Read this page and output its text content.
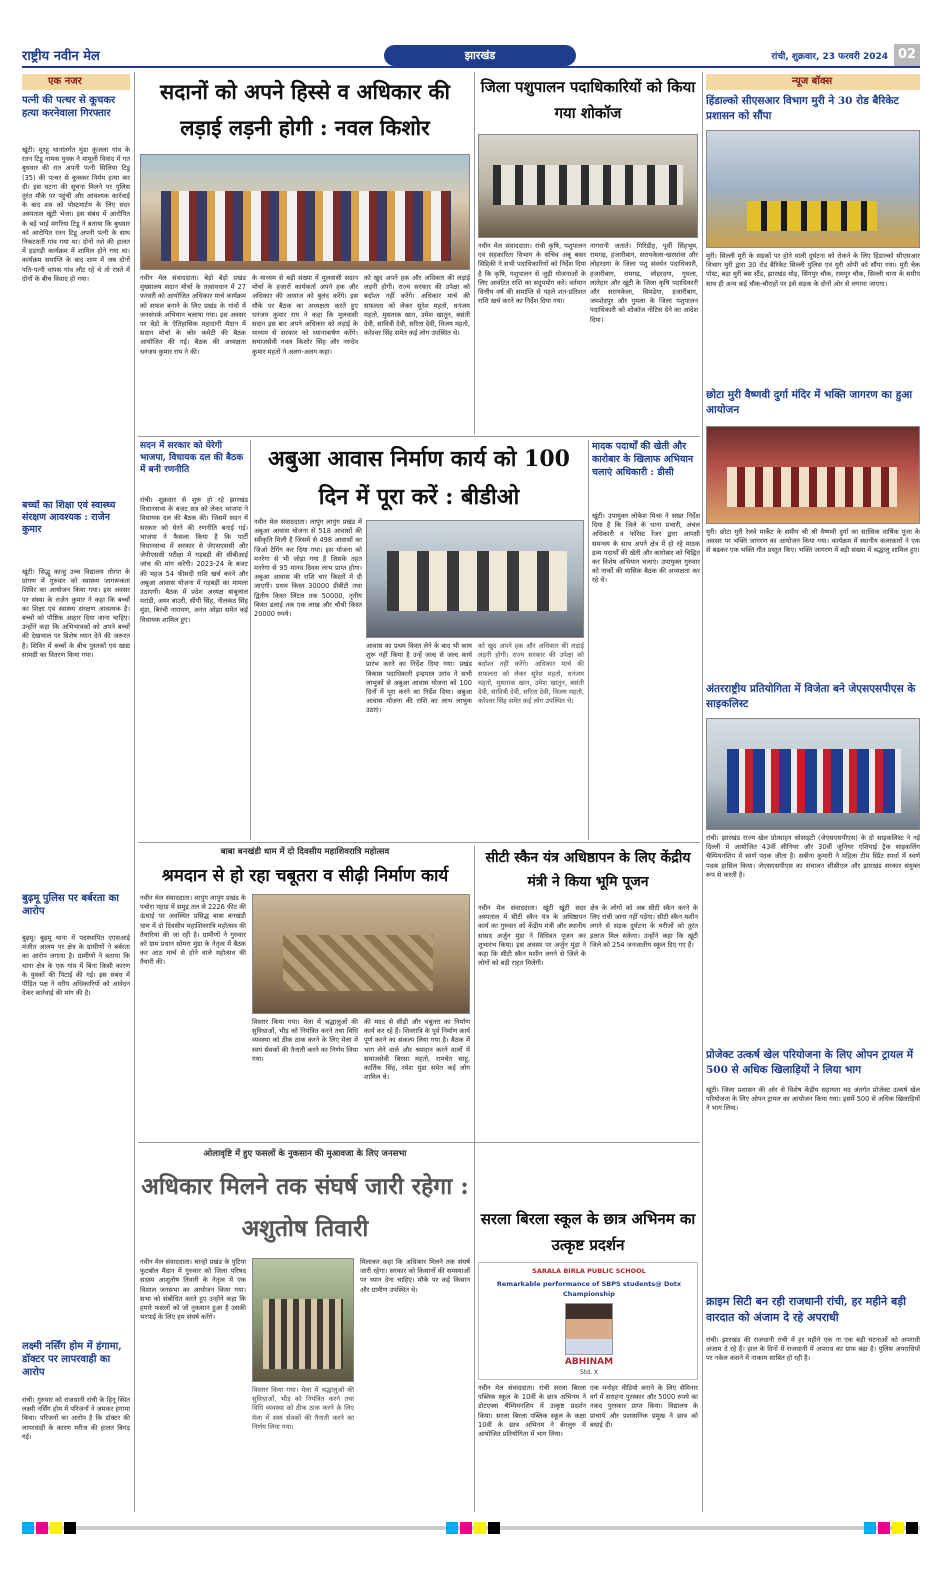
राष्ट्रीय नवीन मेल	झारखंड	रांची, शुक्रवार, 23 फरवरी 2024 02
एक नजर
पत्नी की पत्थर से कूचकर हत्या करनेवाला गिरफ्तार
खूंटी। मुरहू थानांतर्गत मुंडा कूंजला गांव के रतन टिडू नामक युवक ने मामूली विवाद में गत बुधवार की रात अपनी पत्नी सिलिया टिडू (35) की पत्थर से कूचकर निर्मम हत्या कर दी। इस घटना की सूचना मिलने पर पुलिस तुरंत मौके पर पहुंची और आवश्यक कार्रवाई के बाद शव को पोस्टमार्टम के लिए सदर अस्पताल खूंटी भेजा। इस संबंध में आरोपित के बड़े भाई मंगरिया टिडू ने बताया कि बुधवार को आरोपित रतन टिडू अपनी पत्नी के साथ निकटवर्ती गांव गया था। दोनों नशे की हालत में हड़गड़ी कार्यक्रम में शामिल होने गया था। कार्यक्रम समाप्ति के बाद शाम में जब दोनों पति-पत्नी वापस गांव लौट रहे थे तो रास्ते में दोनों के बीच विवाद हो गया।
बच्चों का शिक्षा एवं स्वास्थ्य संरक्षण आवश्यक : राजेन कुमार
खूंटी। सिद्धू कान्हु उच्च विद्यालय तोरपा के प्रांगण में गुरुवार को स्वास्थ्य जागरूकता शिविर का आयोजन किया गया। इस अवसर पर संस्था के राजेन कुमार ने कहा कि बच्चों का शिक्षा एवं स्वास्थ्य संरक्षण आवश्यक है। बच्चों को पौष्टिक आहार दिया जाना चाहिए। उन्होंने कहा कि अभिभावकों को अपने बच्चों की देखभाल पर विशेष ध्यान देने की जरूरत है। शिविर में बच्चों के बीच पुस्तकों एवं खाद्य सामग्री का वितरण किया गया।
बुढ़मू पुलिस पर बर्बरता का आरोप
बुढ़मू। बुढ़मू थाना में पदस्थापित एएसआई मंजीत आलम पर क्षेत्र के ग्रामीणों ने बर्बरता का आरोप लगाया है। ग्रामीणों ने बताया कि थाना क्षेत्र के एक गांव में बिना किसी कारण के युवकों की पिटाई की गई। इस संबंध में पीड़ित पक्ष ने वरीय अधिकारियों को आवेदन देकर कार्रवाई की मांग की है।
लक्ष्मी नर्सिंग होम में हंगामा, डॉक्टर पर लापरवाही का आरोप
रांची। गुरुवार को राजधानी रांची के हिनू स्थित लक्ष्मी नर्सिंग होम में परिजनों ने जमकर हंगामा किया। परिजनों का आरोप है कि डॉक्टर की लापरवाही के कारण मरीज की हालत बिगड़ गई।
सदानों को अपने हिस्से व अधिकार की लड़ाई लड़नी होगी : नवल किशोर
नवीन मेल संवाददाता। बेड़ो बेड़ो प्रखंड मुख्यालय सदान मोर्चा के तत्वावधान में 27 फरवरी को आयोजित अधिकार मार्च कार्यक्रम को सफल बनाने के लिए प्रखंड के गांवों में जनसंपर्क अभियान चलाया गया। इस अवसर पर बेड़ो के ऐतिहासिक महादानी मैदान में सदान मोर्चा के कोर कमेटी की बैठक आयोजित की गई। बैठक की अध्यक्षता धनंजय कुमार राय ने की।
के माध्यम से बड़ी संख्या में मूलवासी सदान मोर्चा के हजारों कार्यकर्ता अपने हक और अधिकार की आवाज को बुलंद करेंगे। इस मौके पर बैठक का अध्यक्षता करते हुए धनंजय कुमार राय ने कहा कि मूलवासी सदान इस बार अपने अधिकार को लड़ाई के माध्यम से सरकार को ध्यानाकर्षण करेंगे। समाजसेवी नवल किशोर सिंह और नरुदेव कुमार महतो ने अलग-अलग कहा।
को खुद अपने हक और अधिकार की लड़ाई लड़नी होगी। राज्य सरकार की उपेक्षा को बर्दाश्त नहीं करेंगे। अधिकार मार्च की सफलता को लेकर सुरेश महतो, धनंजय महतो, मुसताक खान, उमेश खातून, बसंती देवी, सावित्री देवी, सरिता देवी, विजय महतो, करेश्वर सिंह समेत कई लोग उपस्थित थे।
जिला पशुपालन पदाधिकारियों को किया गया शोकॉज
नवीन मेल संवाददाता। रांची कृषि, पशुपालन एवं सहकारिता विभाग के सचिव अबू बकर सिद्दिकी ने सभी पदाधिकारियों को निर्देश दिया है कि कृषि, पशुपालन से जुड़ी योजनाओं के लिए आवंटित राशि का सदुपयोग करें। वर्तमान वित्तीय वर्ष की समाप्ति से पहले शत-प्रतिशत राशि खर्च करने का निर्देश दिया गया।
नागरानी जताते। गिरिडीह, पूर्वी सिंहभूम, रामगढ़, हजारीबाग, सरायकेला-खरसांवा और लोहरदगा के जिला पशु संवर्धन पदाधिकारी, हजारीबाग, रामगढ़, लोहरदगा, गुमला, लातेहार और खूंटी के जिला कृषि पदाधिकारी और सरायकेला, सिमडेगा, हजारीबाग, जमशेदपुर और गुमला के जिला पशुपालन पदाधिकारी को शोकॉज नोटिस देने का आदेश दिया।
सदन में सरकार को घेरेगी भाजपा, विधायक दल की बैठक में बनी रणनीति
रांची। शुक्रवार से शुरू हो रहे झारखंड विधानसभा के बजट सत्र को लेकर भाजपा ने विधायक दल की बैठक की। जिसमें सदन में सरकार को घेरने की रणनीति बनाई गई। भाजपा ने फैसला किया है कि पार्टी विधानसभा में सरकार से जेएसएससी और जेपीएससी परीक्षा में गड़बड़ी की सीबीआई जांच की मांग करेगी। 2023-24 के बजट की महज 54 फीसदी राशि खर्च करने और अबुआ आवास योजना में गड़बड़ी का मामला उठाएगी। बैठक में प्रदेश अध्यक्ष बाबूलाल मरांडी, अमर बाउरी, सीपी सिंह, नीलकंठ सिंह मुंडा, बिरंची नारायण, अनंत ओझा समेत कई विधायक शामिल हुए।
अबुआ आवास निर्माण कार्य को 100 दिन में पूरा करें : बीडीओ
नवीन मेल संवाददाता। लापुंग लापुंग प्रखंड में अबुआ आवास योजना से 518 आवासों की स्वीकृति मिली है जिसमें से 498 आवासों का जिओ टैगिंग कर दिया गया। इस योजना को मनरेगा से भी जोड़ा गया है जिसके तहत मनरेगा से 95 मानव दिवस लाभ प्राप्त होगा। अबुआ आवास की राशि चार किस्तों में दी जाएगी। प्रथम किस्त 30000 डीबीटी तथा द्वितीय किस्त लिंटल तक 50000, तृतीय किस्त ढलाई तक एक लाख और चौथी किस्त 20000 रुपये।
आवास का प्रथम किस्त लेने के बाद भी काम शुरू नहीं किया है उन्हें जल्द से जल्द कार्य प्रारंभ करने का निर्देश दिया गया। प्रखंड विकास पदाधिकारी इन्द्रपाल उरांव ने सभी लाभुकों से अबुआ आवास योजना को 100 दिनों में पूरा करने का निर्देश दिया। अबुआ आवास योजना की राशि का लाभ लाभुक उठाएं।
को खुद अपने हक और अधिकार की लड़ाई लड़नी होगी। राज्य सरकार की उपेक्षा को बर्दाश्त नहीं करेंगे। अधिकार मार्च की सफलता को लेकर सुरेश महतो, धनंजय महतो, मुसताक खान, उमेश खातून, बसंती देवी, सावित्री देवी, सरिता देवी, विजय महतो, करेश्वर सिंह समेत कई लोग उपस्थित थे।
मादक पदार्थों की खेती और कारोबार के खिलाफ अभियान चलाएं अधिकारी : डीसी
खूंटी। उपायुक्त लोकेश मिश्रा ने सख्त निर्देश दिया है कि जिले के थाना प्रभारी, अंचल अधिकारी व फॉरेस्ट रेंजर द्वारा आपसी समन्वय के साथ अपने क्षेत्र में हो रहे मादक द्रव्य पदार्थों की खेती और कारोबार को चिह्नित कर विशेष अभियान चलाएं। उपायुक्त गुरुवार को नार्को की मासिक बैठक की अध्यक्षता कर रहे थे।
बाबा बनखंडी धाम में दो दिवसीय महाशिवरात्रि महोत्सव
श्रमदान से हो रहा चबूतरा व सीढ़ी निर्माण कार्य
नवीन मेल संवाददाता। लापुंग लापुंग प्रखंड के पचोरा पहाड़ में समुद्र तल से 2226 फीट की ऊंचाई पर अवस्थित प्रसिद्ध बाबा बनखंडी धाम में दो दिवसीय महाशिवरात्रि महोत्सव की तैयारियां की जा रही है। ग्रामीणों ने गुरुवार को ग्राम प्रधान सोमरा मुंडा के नेतृत्व में बैठक कर आठ मार्च से होने वाले महोत्सव की तैयारी की।
विस्तार किया गया। मेला में श्रद्धालुओं की सुविधाओं, भीड़ को नियंत्रित करने तथा विधि व्यवस्था को ठीक ठाक करने के लिए मेला में स्वयं सेवकों की तैनाती करने का निर्णय लिया गया।
की मदद से सीढ़ी और चबूतरा का निर्माण कार्य कर रहे हैं। शिवरात्रि के पूर्व निर्माण कार्य पूर्ण करने का संकल्प लिया गया है। बैठक में भाग लेने वाले और श्रमदान करने वालों में समाजसेवी बिरसा महतो, रामचेत साहू, कार्तिक सिंह, रमेश मुंडा समेत कई लोग शामिल थे।
सीटी स्कैन यंत्र अधिष्ठापन के लिए केंद्रीय मंत्री ने किया भूमि पूजन
नवीन मेल संवाददाता। खूंटी खूंटी सदर अस्पताल में सीटी स्कैन यंत्र के अधिष्ठापन कार्य का गुरुवार को केंद्रीय मंत्री और स्थानीय सांसद अर्जुन मुंडा ने विधिवत पूजन कर शुभारंभ किया। इस अवसर पर अर्जुन मुंडा ने कहा कि सीटी स्कैन मशीन लगने से जिले के लोगों को बड़ी राहत मिलेगी।
क्षेत्र के लोगों को अब सीटी स्कैन करने के लिए रांची जाना नहीं पड़ेगा। सीटी स्कैन मशीन लगने से सड़क दुर्घटना के मरीजों को तुरंत इलाज मिल सकेगा। उन्होंने कहा कि खूंटी जिले को 254 जनजातीय स्कूल दिए गए हैं।
ओलावृष्टि में हुए फसलों के नुकसान की मुआवजा के लिए जनसभा
अधिकार मिलने तक संघर्ष जारी रहेगा : अशुतोष तिवारी
नवीन मेल संवाददाता। चान्हो प्रखंड के पुटिया फुटबॉल मैदान में गुरुवार को जिला परिषद सदस्य आशुतोष तिवारी के नेतृत्व में एक विशाल जनसभा का आयोजन किया गया। सभा को संबोधित करते हुए उन्होंने कहा कि हमारे फसलों को जो नुकसान हुआ है उसकी भरपाई के लिए हम संघर्ष करेंगे।
विस्तार किया गया। मेला में श्रद्धालुओं की सुविधाओं, भीड़ को नियंत्रित करने तथा विधि व्यवस्था को ठीक ठाक करने के लिए मेला में स्वयं सेवकों की तैनाती करने का निर्णय लिया गया।
मिलाकर कहा कि अधिकार मिलने तक संघर्ष जारी रहेगा। सरकार को किसानों की समस्याओं पर ध्यान देना चाहिए। मौके पर कई किसान और ग्रामीण उपस्थित थे।
सरला बिरला स्कूल के छात्र अभिनम का उत्कृष्ट प्रदर्शन
SARALA BIRLA PUBLIC SCHOOL
Remarkable performance of SBPS students@ Dotx Championship
ABHINAM
Std. X
नवीन मेल संवाददाता। रांची सरला बिरला पब्लिक स्कूल के 10वीं के छात्र अभिनम ने डोटएक्स चैम्पियनशिप में उत्कृष्ट प्रदर्शन किया। सरला बिरला पब्लिक स्कूल के कक्षा 10वीं के छात्र अभिनम ने बेंगलुरु में आयोजित प्रतियोगिता में भाग लिया।
एक मनोहर वीडियो बनाने के लिए सेमिनार वर्ग में सराहना पुरस्कार और 5000 रुपये का नकद पुरस्कार प्राप्त किया। विद्यालय के प्राचार्य और प्रशासनिक प्रमुख ने छात्र को बधाई दी।
न्यूज बॉक्स
हिंडाल्को सीएसआर विभाग मुरी ने 30 रोड बैरिकेट प्रशासन को सौंपा
मुरी। सिल्ली मुरी के सड़कों पर होने वाली दुर्घटना को रोकने के लिए हिंडाल्को सीएसआर विभाग मुरी द्वारा 30 रोड बैरिकेट सिल्ली पुलिस एवं मुरी ओपी को सौंपा गया। मुरी चेक पोस्ट, बड़ा मुरी बस स्टैंड, झारखंड मोड़, सिंगपुर चौक, रामपुर चौक, सिल्ली थाना के समीप साथ ही अन्य कई चौक-चौराहों पर इसे सड़क के दोनों ओर से लगाया जाएगा।
छोटा मुरी वैष्णवी दुर्गा मंदिर में भक्ति जागरण का हुआ आयोजन
मुरी। छोटा मुरी रेलवे मार्केट के समीप श्री श्री वैष्णवी दुर्गा का सात्विक वार्षिक पूजा के अवसर पर भक्ति जागरण का आयोजन किया गया। कार्यक्रम में स्थानीय कलाकारों ने एक से बढ़कर एक भक्ति गीत प्रस्तुत किए। भक्ति जागरण में बड़ी संख्या में श्रद्धालु शामिल हुए।
अंतरराष्ट्रीय प्रतियोगिता में विजेता बने जेएसएसपीएस के साइकलिस्ट
रांची। झारखंड राज्य खेल प्रोत्साहन सोसाइटी (जेएसएसपीएस) के दो साइकलिस्ट ने नई दिल्ली में आयोजित 43वीं सीनियर और 30वीं जूनियर एशियाई ट्रैक साइकलिंग चैम्पियनशिप में स्वर्ण पदक जीता है। सबीना कुमारी ने महिला टीम स्प्रिंट स्पर्धा में स्वर्ण पदक हासिल किया। जेएसएसपीएस का संचालन सीसीएल और झारखंड सरकार संयुक्त रूप से करती है।
प्रोजेक्ट उत्कर्ष खेल परियोजना के लिए ओपन ट्रायल में 500 से अधिक खिलाड़ियों ने लिया भाग
खूंटी। जिला प्रशासन की ओर से विशेष केंद्रीय सहायता मद अंतर्गत प्रोजेक्ट उत्कर्ष खेल परियोजना के लिए ओपन ट्रायल का आयोजन किया गया। इसमें 500 से अधिक खिलाड़ियों ने भाग लिया।
क्राइम सिटी बन रही राजधानी रांची, हर महीने बड़ी वारदात को अंजाम दे रहे अपराधी
रांची। झारखंड की राजधानी रांची में हर महीने एक ना एक बड़ी घटनाओं को अपराधी अंजाम दे रहे हैं। हाल के दिनों में राजधानी में अपराध का ग्राफ बढ़ा है। पुलिस अपराधियों पर नकेल कसने में नाकाम साबित हो रही है।
